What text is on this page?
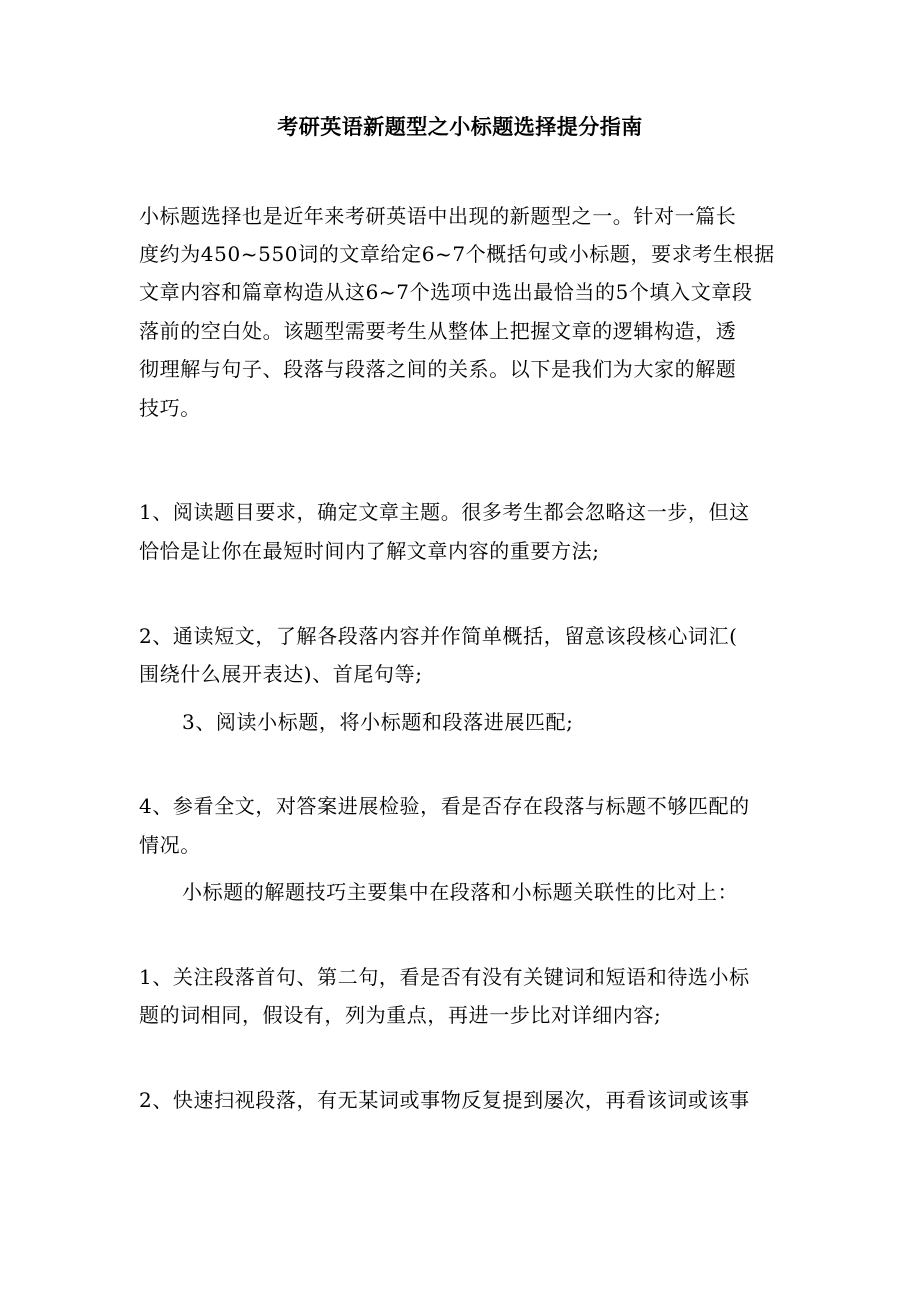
考研英语新题型之小标题选择提分指南
小标题选择也是近年来考研英语中出现的新题型之一。针对一篇长
度约为450~550词的文章给定6~7个概括句或小标题，要求考生根据
文章内容和篇章构造从这6~7个选项中选出最恰当的5个填入文章段
落前的空白处。该题型需要考生从整体上把握文章的逻辑构造，透
彻理解与句子、段落与段落之间的关系。以下是我们为大家的解题
技巧。
1、阅读题目要求，确定文章主题。很多考生都会忽略这一步，但这
恰恰是让你在最短时间内了解文章内容的重要方法;
2、通读短文，了解各段落内容并作简单概括，留意该段核心词汇(
围绕什么展开表达)、首尾句等;
3、阅读小标题，将小标题和段落进展匹配;
4、参看全文，对答案进展检验，看是否存在段落与标题不够匹配的
情况。
小标题的解题技巧主要集中在段落和小标题关联性的比对上：
1、关注段落首句、第二句，看是否有没有关键词和短语和待选小标
题的词相同，假设有，列为重点，再进一步比对详细内容;
2、快速扫视段落，有无某词或事物反复提到屡次，再看该词或该事
